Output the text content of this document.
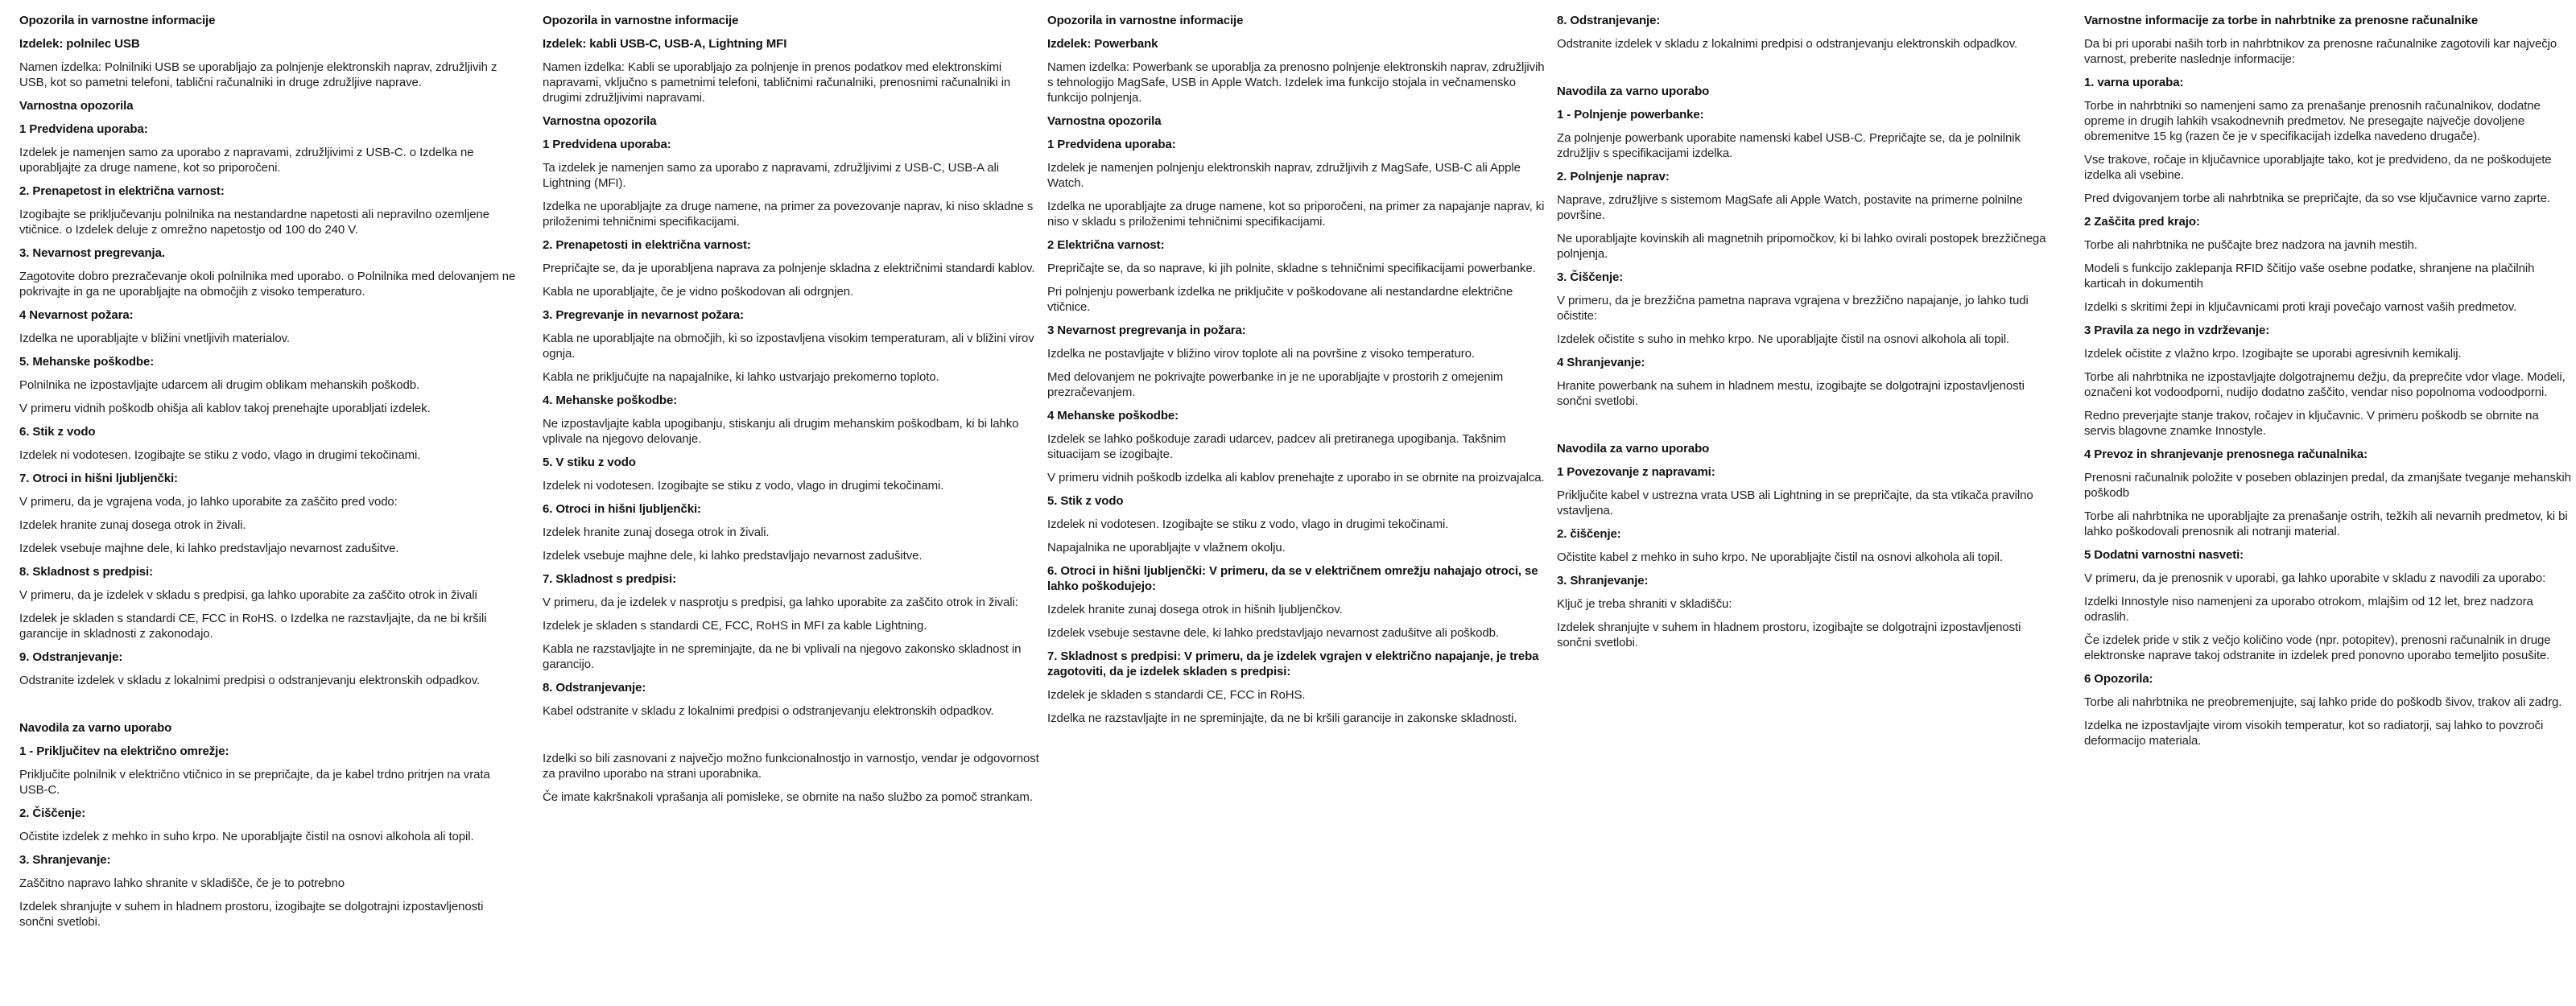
Opozorila in varnostne informacije
Izdelek: polnilec USB
Namen izdelka: Polnilniki USB se uporabljajo za polnjenje elektronskih naprav, združljivih z USB, kot so pametni telefoni, tablični računalniki in druge združljive naprave.
Varnostna opozorila
1 Predvidena uporaba:
Izdelek je namenjen samo za uporabo z napravami, združljivimi z USB-C. o Izdelka ne uporabljajte za druge namene, kot so priporočeni.
2. Prenapetost in električna varnost:
Izogibajte se priključevanju polnilnika na nestandardne napetosti ali nepravilno ozemljene vtičnice. o Izdelek deluje z omrežno napetostjo od 100 do 240 V.
3. Nevarnost pregrevanja.
Zagotovite dobro prezračevanje okoli polnilnika med uporabo. o Polnilnika med delovanjem ne pokrivajte in ga ne uporabljajte na območjih z visoko temperaturo.
4 Nevarnost požara:
Izdelka ne uporabljajte v bližini vnetljivih materialov.
5. Mehanske poškodbe:
Polnilnika ne izpostavljajte udarcem ali drugim oblikam mehanskih poškodb.
V primeru vidnih poškodb ohišja ali kablov takoj prenehajte uporabljati izdelek.
6. Stik z vodo
Izdelek ni vodotesen. Izogibajte se stiku z vodo, vlago in drugimi tekočinami.
7. Otroci in hišni ljubljenčki:
V primeru, da je vgrajena voda, jo lahko uporabite za zaščito pred vodo:
Izdelek hranite zunaj dosega otrok in živali.
Izdelek vsebuje majhne dele, ki lahko predstavljajo nevarnost zadušitve.
8. Skladnost s predpisi:
V primeru, da je izdelek v skladu s predpisi, ga lahko uporabite za zaščito otrok in živali
Izdelek je skladen s standardi CE, FCC in RoHS. o Izdelka ne razstavljajte, da ne bi kršili garancije in skladnosti z zakonodajo.
9. Odstranjevanje:
Odstranite izdelek v skladu z lokalnimi predpisi o odstranjevanju elektronskih odpadkov.
Navodila za varno uporabo
1 - Priključitev na električno omrežje:
Priključite polnilnik v električno vtičnico in se prepričajte, da je kabel trdno pritrjen na vrata USB-C.
2. Čiščenje:
Očistite izdelek z mehko in suho krpo. Ne uporabljajte čistil na osnovi alkohola ali topil.
3. Shranjevanje:
Zaščitno napravo lahko shranite v skladišče, če je to potrebno
Izdelek shranjujte v suhem in hladnem prostoru, izogibajte se dolgotrajni izpostavljenosti sončni svetlobi.
Opozorila in varnostne informacije
Izdelek: kabli USB-C, USB-A, Lightning MFI
Namen izdelka: Kabli se uporabljajo za polnjenje in prenos podatkov med elektronskimi napravami, vključno s pametnimi telefoni, tabličnimi računalniki, prenosnimi računalniki in drugimi združljivimi napravami.
Varnostna opozorila
1 Predvidena uporaba:
Ta izdelek je namenjen samo za uporabo z napravami, združljivimi z USB-C, USB-A ali Lightning (MFI).
Izdelka ne uporabljajte za druge namene, na primer za povezovanje naprav, ki niso skladne s priloženimi tehničnimi specifikacijami.
2. Prenapetosti in električna varnost:
Prepričajte se, da je uporabljena naprava za polnjenje skladna z električnimi standardi kablov.
Kabla ne uporabljajte, če je vidno poškodovan ali odrgnjen.
3. Pregrevanje in nevarnost požara:
Kabla ne uporabljajte na območjih, ki so izpostavljena visokim temperaturam, ali v bližini virov ognja.
Kabla ne priključujte na napajalnike, ki lahko ustvarjajo prekomerno toploto.
4. Mehanske poškodbe:
Ne izpostavljajte kabla upogibanju, stiskanju ali drugim mehanskim poškodbam, ki bi lahko vplivale na njegovo delovanje.
5. V stiku z vodo
Izdelek ni vodotesen. Izogibajte se stiku z vodo, vlago in drugimi tekočinami.
6. Otroci in hišni ljubljenčki:
Izdelek hranite zunaj dosega otrok in živali.
Izdelek vsebuje majhne dele, ki lahko predstavljajo nevarnost zadušitve.
7. Skladnost s predpisi:
V primeru, da je izdelek v nasprotju s predpisi, ga lahko uporabite za zaščito otrok in živali:
Izdelek je skladen s standardi CE, FCC, RoHS in MFI za kable Lightning.
Kabla ne razstavljajte in ne spreminjajte, da ne bi vplivali na njegovo zakonsko skladnost in garancijo.
8. Odstranjevanje:
Kabel odstranite v skladu z lokalnimi predpisi o odstranjevanju elektronskih odpadkov.
Izdelki so bili zasnovani z največjo možno funkcionalnostjo in varnostjo, vendar je odgovornost za pravilno uporabo na strani uporabnika.
Če imate kakršnakoli vprašanja ali pomisleke, se obrnite na našo službo za pomoč strankam.
Opozorila in varnostne informacije
Izdelek: Powerbank
Namen izdelka: Powerbank se uporablja za prenosno polnjenje elektronskih naprav, združljivih s tehnologijo MagSafe, USB in Apple Watch. Izdelek ima funkcijo stojala in večnamensko funkcijo polnjenja.
Varnostna opozorila
1 Predvidena uporaba:
Izdelek je namenjen polnjenju elektronskih naprav, združljivih z MagSafe, USB-C ali Apple Watch.
Izdelka ne uporabljajte za druge namene, kot so priporočeni, na primer za napajanje naprav, ki niso v skladu s priloženimi tehničnimi specifikacijami.
2 Električna varnost:
Prepričajte se, da so naprave, ki jih polnite, skladne s tehničnimi specifikacijami powerbanke.
Pri polnjenju powerbank izdelka ne priključite v poškodovane ali nestandardne električne vtičnice.
3 Nevarnost pregrevanja in požara:
Izdelka ne postavljajte v bližino virov toplote ali na površine z visoko temperaturo.
Med delovanjem ne pokrivajte powerbanke in je ne uporabljajte v prostorih z omejenim prezračevanjem.
4 Mehanske poškodbe:
Izdelek se lahko poškoduje zaradi udarcev, padcev ali pretiranega upogibanja. Takšnim situacijam se izogibajte.
V primeru vidnih poškodb izdelka ali kablov prenehajte z uporabo in se obrnite na proizvajalca.
5. Stik z vodo
Izdelek ni vodotesen. Izogibajte se stiku z vodo, vlago in drugimi tekočinami.
Napajalnika ne uporabljajte v vlažnem okolju.
6. Otroci in hišni ljubljenčki: V primeru, da se v električnem omrežju nahajajo otroci, se lahko poškodujejo:
Izdelek hranite zunaj dosega otrok in hišnih ljubljenčkov.
Izdelek vsebuje sestavne dele, ki lahko predstavljajo nevarnost zadušitve ali poškodb.
7. Skladnost s predpisi: V primeru, da je izdelek vgrajen v električno napajanje, je treba zagotoviti, da je izdelek skladen s predpisi:
Izdelek je skladen s standardi CE, FCC in RoHS.
Izdelka ne razstavljajte in ne spreminjajte, da ne bi kršili garancije in zakonske skladnosti.
8. Odstranjevanje:
Odstranite izdelek v skladu z lokalnimi predpisi o odstranjevanju elektronskih odpadkov.
Navodila za varno uporabo
1 - Polnjenje powerbanke:
Za polnjenje powerbank uporabite namenski kabel USB-C. Prepričajte se, da je polnilnik združljiv s specifikacijami izdelka.
2. Polnjenje naprav:
Naprave, združljive s sistemom MagSafe ali Apple Watch, postavite na primerne polnilne površine.
Ne uporabljajte kovinskih ali magnetnih pripomočkov, ki bi lahko ovirali postopek brezžičnega polnjenja.
3. Čiščenje:
V primeru, da je brezžična pametna naprava vgrajena v brezžično napajanje, jo lahko tudi očistite:
Izdelek očistite s suho in mehko krpo. Ne uporabljajte čistil na osnovi alkohola ali topil.
4 Shranjevanje:
Hranite powerbank na suhem in hladnem mestu, izogibajte se dolgotrajni izpostavljenosti sončni svetlobi.
Navodila za varno uporabo
1 Povezovanje z napravami:
Priključite kabel v ustrezna vrata USB ali Lightning in se prepričajte, da sta vtikača pravilno vstavljena.
2. čiščenje:
Očistite kabel z mehko in suho krpo. Ne uporabljajte čistil na osnovi alkohola ali topil.
3. Shranjevanje:
Ključ je treba shraniti v skladišču:
Izdelek shranjujte v suhem in hladnem prostoru, izogibajte se dolgotrajni izpostavljenosti sončni svetlobi.
Varnostne informacije za torbe in nahrbtnike za prenosne računalnike
Da bi pri uporabi naših torb in nahrbtnikov za prenosne računalnike zagotovili kar največjo varnost, preberite naslednje informacije:
1. varna uporaba:
Torbe in nahrbtniki so namenjeni samo za prenašanje prenosnih računalnikov, dodatne opreme in drugih lahkih vsakodnevnih predmetov. Ne presegajte največje dovoljene obremenitve 15 kg (razen če je v specifikacijah izdelka navedeno drugače).
Vse trakove, ročaje in ključavnice uporabljajte tako, kot je predvideno, da ne poškodujete izdelka ali vsebine.
Pred dvigovanjem torbe ali nahrbtnika se prepričajte, da so vse ključavnice varno zaprte.
2 Zaščita pred krajo:
Torbe ali nahrbtnika ne puščajte brez nadzora na javnih mestih.
Modeli s funkcijo zaklepanja RFID ščitijo vaše osebne podatke, shranjene na plačilnih karticah in dokumentih
Izdelki s skritimi žepi in ključavnicami proti kraji povečajo varnost vaših predmetov.
3 Pravila za nego in vzdrževanje:
Izdelek očistite z vlažno krpo. Izogibajte se uporabi agresivnih kemikalij.
Torbe ali nahrbtnika ne izpostavljajte dolgotrajnemu dežju, da preprečite vdor vlage. Modeli, označeni kot vodoodporni, nudijo dodatno zaščito, vendar niso popolnoma vodoodporni.
Redno preverjajte stanje trakov, ročajev in ključavnic. V primeru poškodb se obrnite na servis blagovne znamke Innostyle.
4 Prevoz in shranjevanje prenosnega računalnika:
Prenosni računalnik položite v poseben oblazinjen predal, da zmanjšate tveganje mehanskih poškodb
Torbe ali nahrbtnika ne uporabljajte za prenašanje ostrih, težkih ali nevarnih predmetov, ki bi lahko poškodovali prenosnik ali notranji material.
5 Dodatni varnostni nasveti:
V primeru, da je prenosnik v uporabi, ga lahko uporabite v skladu z navodili za uporabo:
Izdelki Innostyle niso namenjeni za uporabo otrokom, mlajšim od 12 let, brez nadzora odraslih.
Če izdelek pride v stik z večjo količino vode (npr. potopitev), prenosni računalnik in druge elektronske naprave takoj odstranite in izdelek pred ponovno uporabo temeljito posušite.
6 Opozorila:
Torbe ali nahrbtnika ne preobremenjujte, saj lahko pride do poškodb šivov, trakov ali zadrg.
Izdelka ne izpostavljajte virom visokih temperatur, kot so radiatorji, saj lahko to povzroči deformacijo materiala.
